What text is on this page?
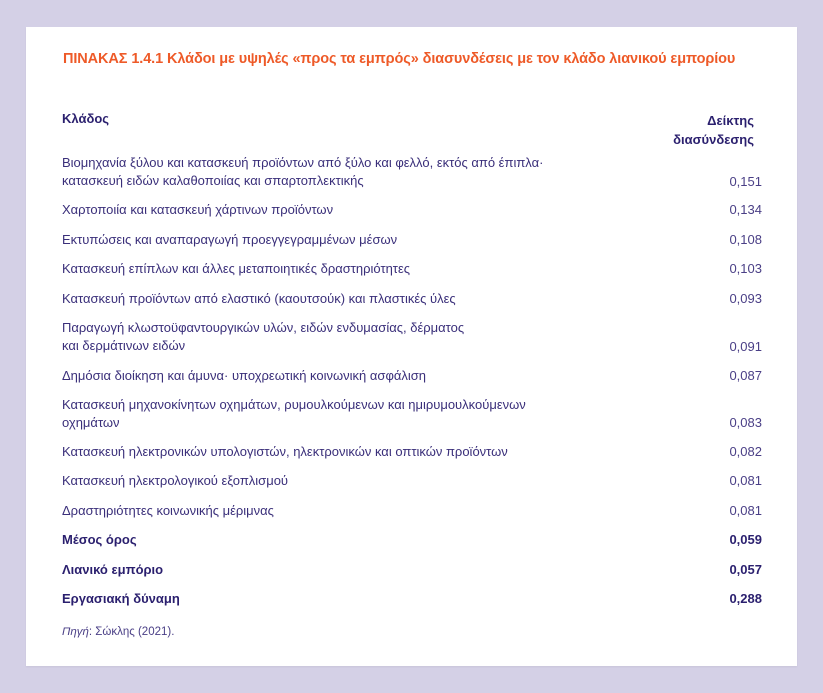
ΠΙΝΑΚΑΣ 1.4.1 Κλάδοι με υψηλές «προς τα εμπρός» διασυνδέσεις με τον κλάδο λιανικού εμπορίου
Κλάδος	Δείκτης
διασύνδεσης
Βιομηχανία ξύλου και κατασκευή προϊόντων από ξύλο και φελλό, εκτός από έπιπλα·
κατασκευή ειδών καλαθοποιίας και σπαρτοπλεκτικής	0,151
Χαρτοποιία και κατασκευή χάρτινων προϊόντων	0,134
Εκτυπώσεις και αναπαραγωγή προεγγεγραμμένων μέσων	0,108
Κατασκευή επίπλων και άλλες μεταποιητικές δραστηριότητες	0,103
Κατασκευή προϊόντων από ελαστικό (καουτσούκ) και πλαστικές ύλες	0,093
Παραγωγή κλωστοϋφαντουργικών υλών, ειδών ενδυμασίας, δέρματος
και δερμάτινων ειδών	0,091
Δημόσια διοίκηση και άμυνα· υποχρεωτική κοινωνική ασφάλιση	0,087
Κατασκευή μηχανοκίνητων οχημάτων, ρυμουλκούμενων και ημιρυμουλκούμενων
οχημάτων	0,083
Κατασκευή ηλεκτρονικών υπολογιστών, ηλεκτρονικών και οπτικών προϊόντων	0,082
Κατασκευή ηλεκτρολογικού εξοπλισμού	0,081
Δραστηριότητες κοινωνικής μέριμνας	0,081
Μέσος όρος	0,059
Λιανικό εμπόριο	0,057
Εργασιακή δύναμη	0,288
Πηγή: Σώκλης (2021).
